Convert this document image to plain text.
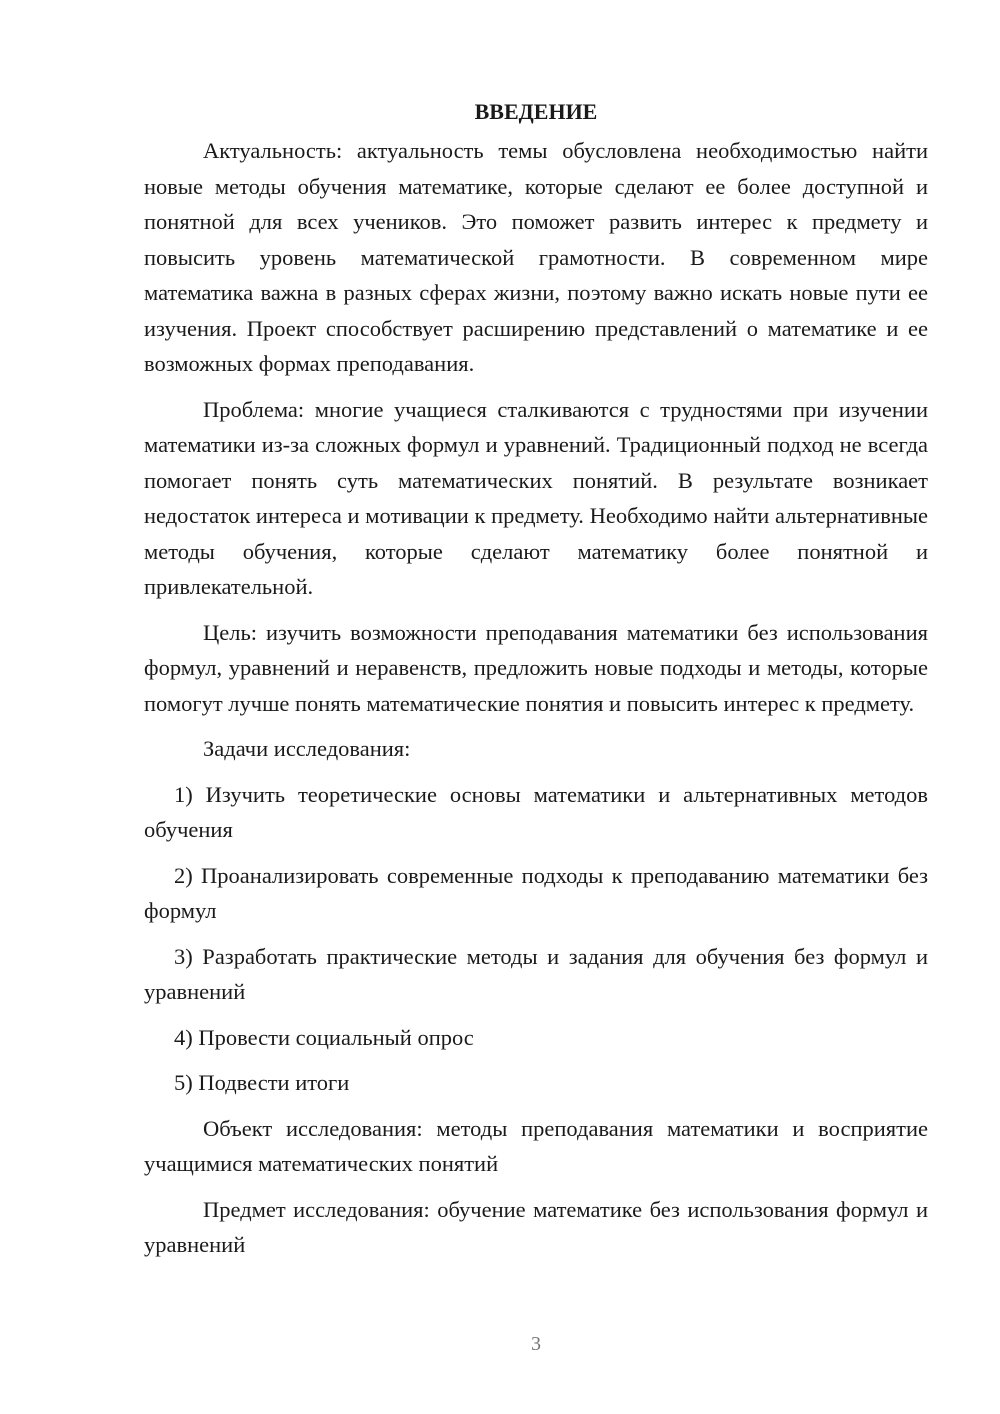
ВВЕДЕНИЕ

Актуальность: актуальность темы обусловлена необходимостью найти новые методы обучения математике, которые сделают ее более доступной и понятной для всех учеников. Это поможет развить интерес к предмету и повысить уровень математической грамотности. В современном мире математика важна в разных сферах жизни, поэтому важно искать новые пути ее изучения. Проект способствует расширению представлений о математике и ее возможных формах преподавания.

Проблема: многие учащиеся сталкиваются с трудностями при изучении математики из-за сложных формул и уравнений. Традиционный подход не всегда помогает понять суть математических понятий. В результате возникает недостаток интереса и мотивации к предмету. Необходимо найти альтернативные методы обучения, которые сделают математику более понятной и привлекательной.

Цель: изучить возможности преподавания математики без использования формул, уравнений и неравенств, предложить новые подходы и методы, которые помогут лучше понять математические понятия и повысить интерес к предмету.

Задачи исследования:

1) Изучить теоретические основы математики и альтернативных методов обучения

2) Проанализировать современные подходы к преподаванию математики без формул

3) Разработать практические методы и задания для обучения без формул и уравнений

4) Провести социальный опрос

5) Подвести итоги

Объект исследования: методы преподавания математики и восприятие учащимися математических понятий

Предмет исследования: обучение математике без использования формул и уравнений

3
